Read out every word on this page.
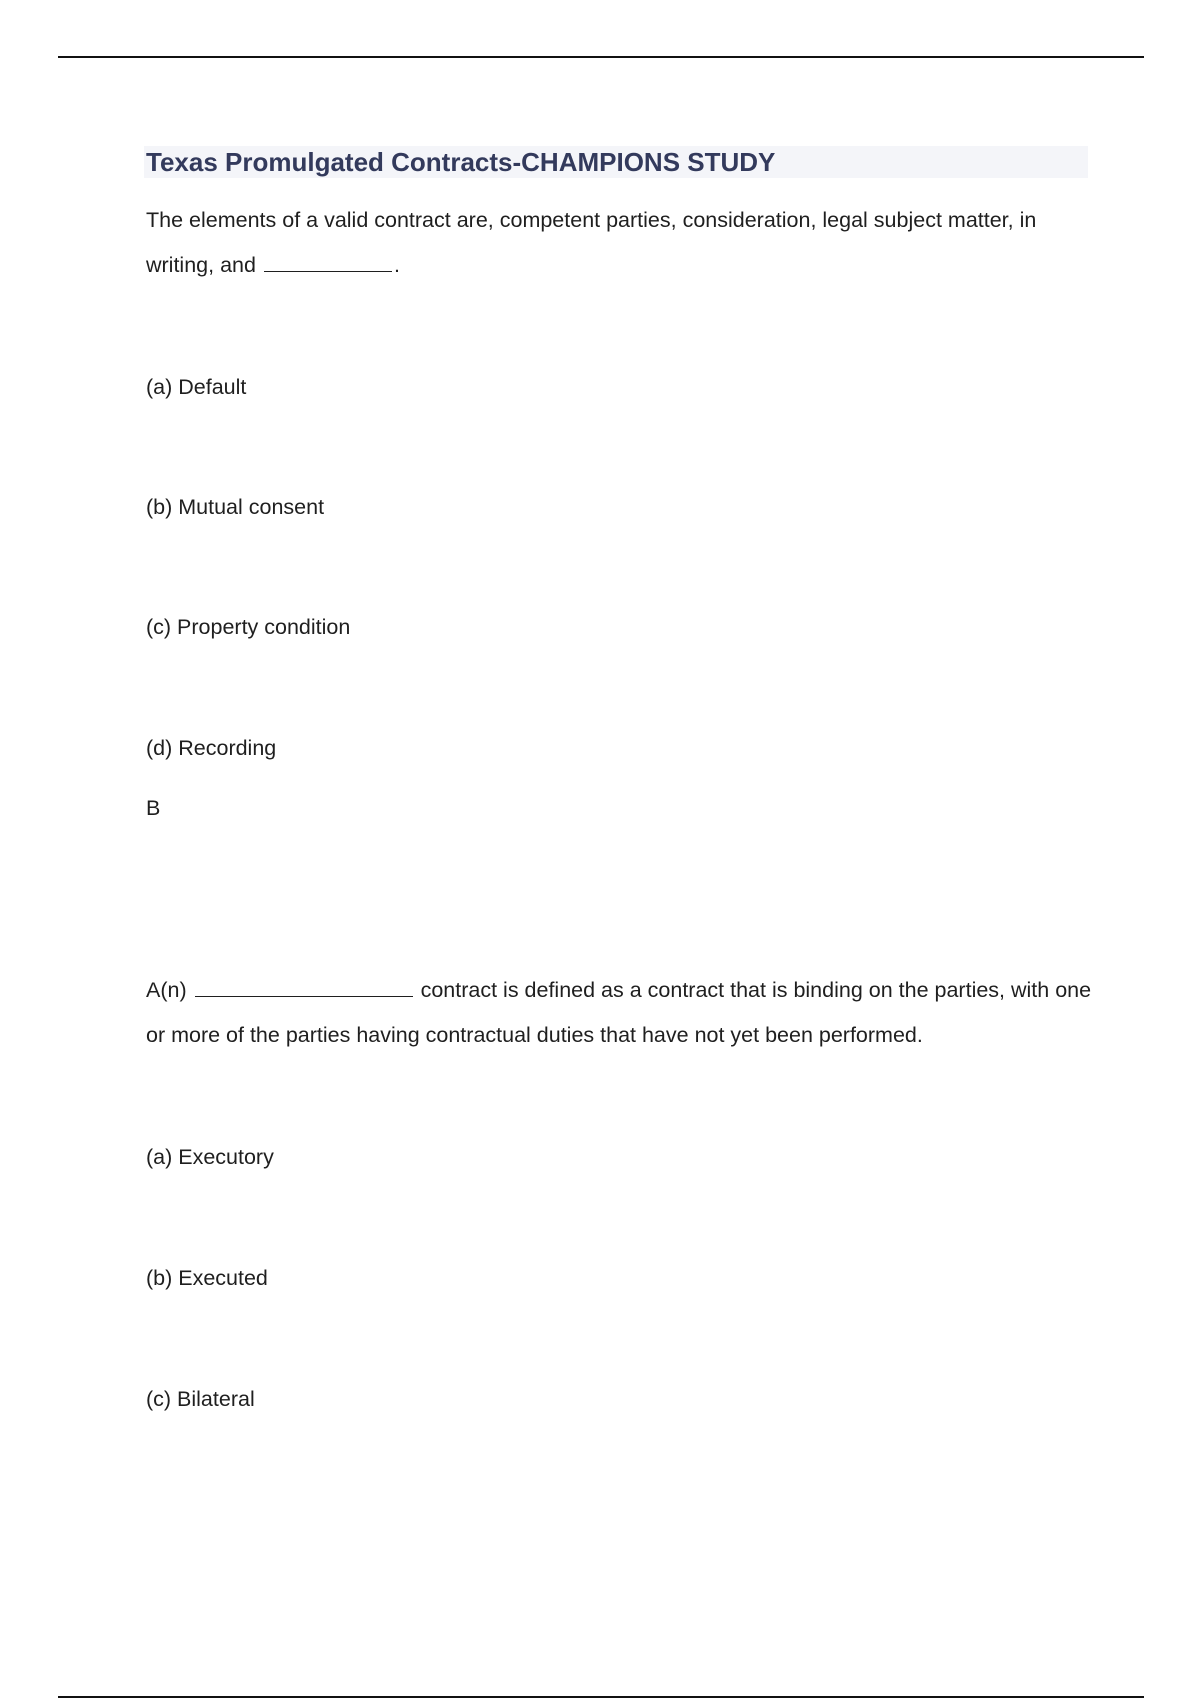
Texas Promulgated Contracts-CHAMPIONS STUDY
The elements of a valid contract are, competent parties, consideration, legal subject matter, in writing, and	.
(a) Default
(b) Mutual consent
(c) Property condition
(d) Recording
B
A(n)	contract is defined as a contract that is binding on the parties, with one or more of the parties having contractual duties that have not yet been performed.
(a) Executory
(b) Executed
(c) Bilateral
